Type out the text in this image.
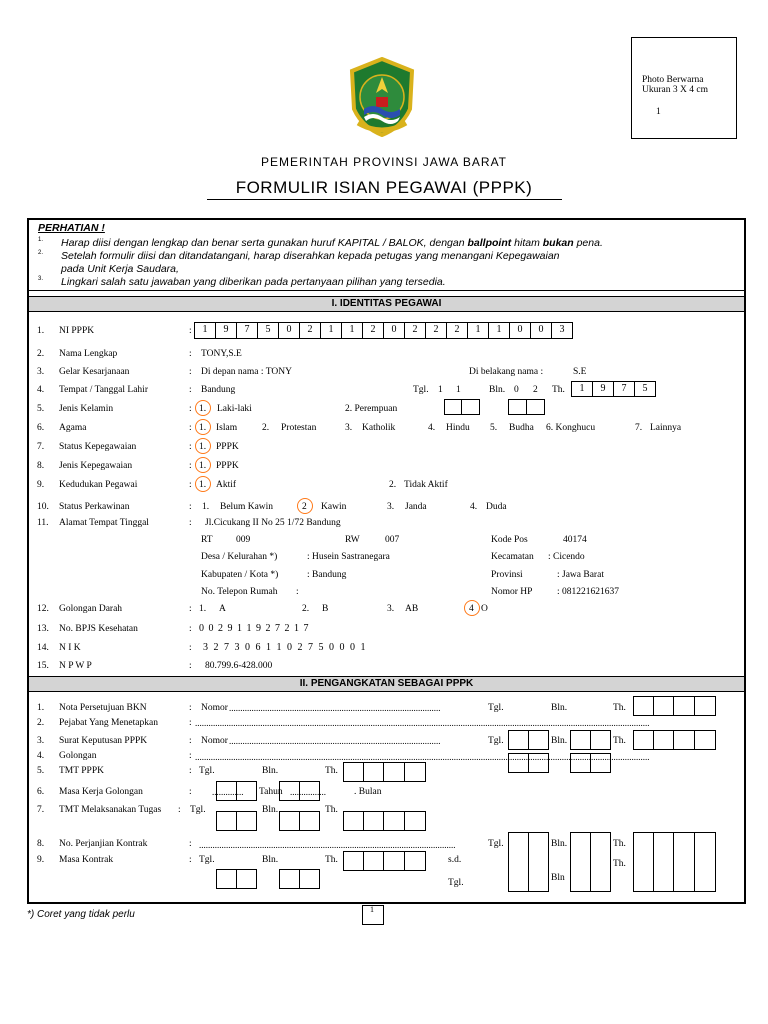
Photo Berwarna
Ukuran 3 X 4 cm
1
PEMERINTAH PROVINSI JAWA BARAT
FORMULIR ISIAN PEGAWAI (PPPK)
PERHATIAN !
1. Harap diisi dengan lengkap dan benar serta gunakan huruf KAPITAL / BALOK, dengan ballpoint hitam bukan pena.
2. Setelah formulir diisi dan ditandatangani, harap diserahkan kepada petugas yang menangani Kepegawaian
pada Unit Kerja Saudara,
3. Lingkari salah satu jawaban yang diberikan pada pertanyaan pilihan yang tersedia.
I. IDENTITAS PEGAWAI
1. NI PPPK	:	1	9	7	5	0	2	1	1	2	0	2	2	2	1	1	0	0	3
2. Nama Lengkap	: TONY,S.E
3. Gelar Kesarjanaan	: Di depan nama : TONY	Di belakang nama :	S.E
4. Tempat / Tanggal Lahir	: Bandung	Tgl. 1 1	Bln. 0 2 Th.	1	9	7	5
5. Jenis Kelamin	: 1. Laki-laki	2. Perempuan
6. Agama	: 1. Islam	2. Protestan	3. Katholik	4. Hindu 5. Budha 6. Konghucu	7. Lainnya
7. Status Kepegawaian	: 1. PPPK
8. Jenis Kepegawaian	: 1. PPPK
9. Kedudukan Pegawai	: 1. Aktif	2. Tidak Aktif
10. Status Perkawinan	: 1. Belum Kawin	2 Kawin	3. Janda	4. Duda
11. Alamat Tempat Tinggal	: Jl.Cicukang II No 25 1/72 Bandung
RT 009	RW	007	Kode Pos	40174
Desa / Kelurahan *)	: Husein Sastranegara	Kecamatan : Cicendo
Kabupaten / Kota *)	: Bandung	Provinsi	: Jawa Barat
No. Telepon Rumah :	Nomor HP	: 081221621637
12. Golongan Darah	: 1. A	2. B	3. AB	4 O
13. No. BPJS Kesehatan	: 0 0 2 9 1 1 9 2 7 2 1 7
14. N I K	: 3 2 7 3 0 6 1 1 0 2 7 5 0 0 0 1
15. N P W P	: 80.799.6-428.000
II. PENGANGKATAN SEBAGAI PPPK
1. Nota Persetujuan BKN	: Nomor ..............................................................................................	Tgl.	Bln.	Th.
2. Pejabat Yang Menetapkan	: ..........................................................................................................................................................................................................
3. Surat Keputusan PPPK	: Nomor ..............................................................................................	Tgl.	Bln.	Th.
4. Golongan	: ..........................................................................................................................................................................................................
5. TMT PPPK	: Tgl.	Bln.	Th.
6. Masa Kerja Golongan	: ..............	Tahun ................	. Bulan
7. TMT Melaksanakan Tugas : Tgl.	Bln.	Th.
8. No. Perjanjian Kontrak	: ..................................................................................................................	Tgl.	Bln.	Th.
9. Masa Kontrak	: Tgl.	Bln.	Th.	s.d.
Tgl.	Bln
Th.
*) Coret yang tidak perlu	1
